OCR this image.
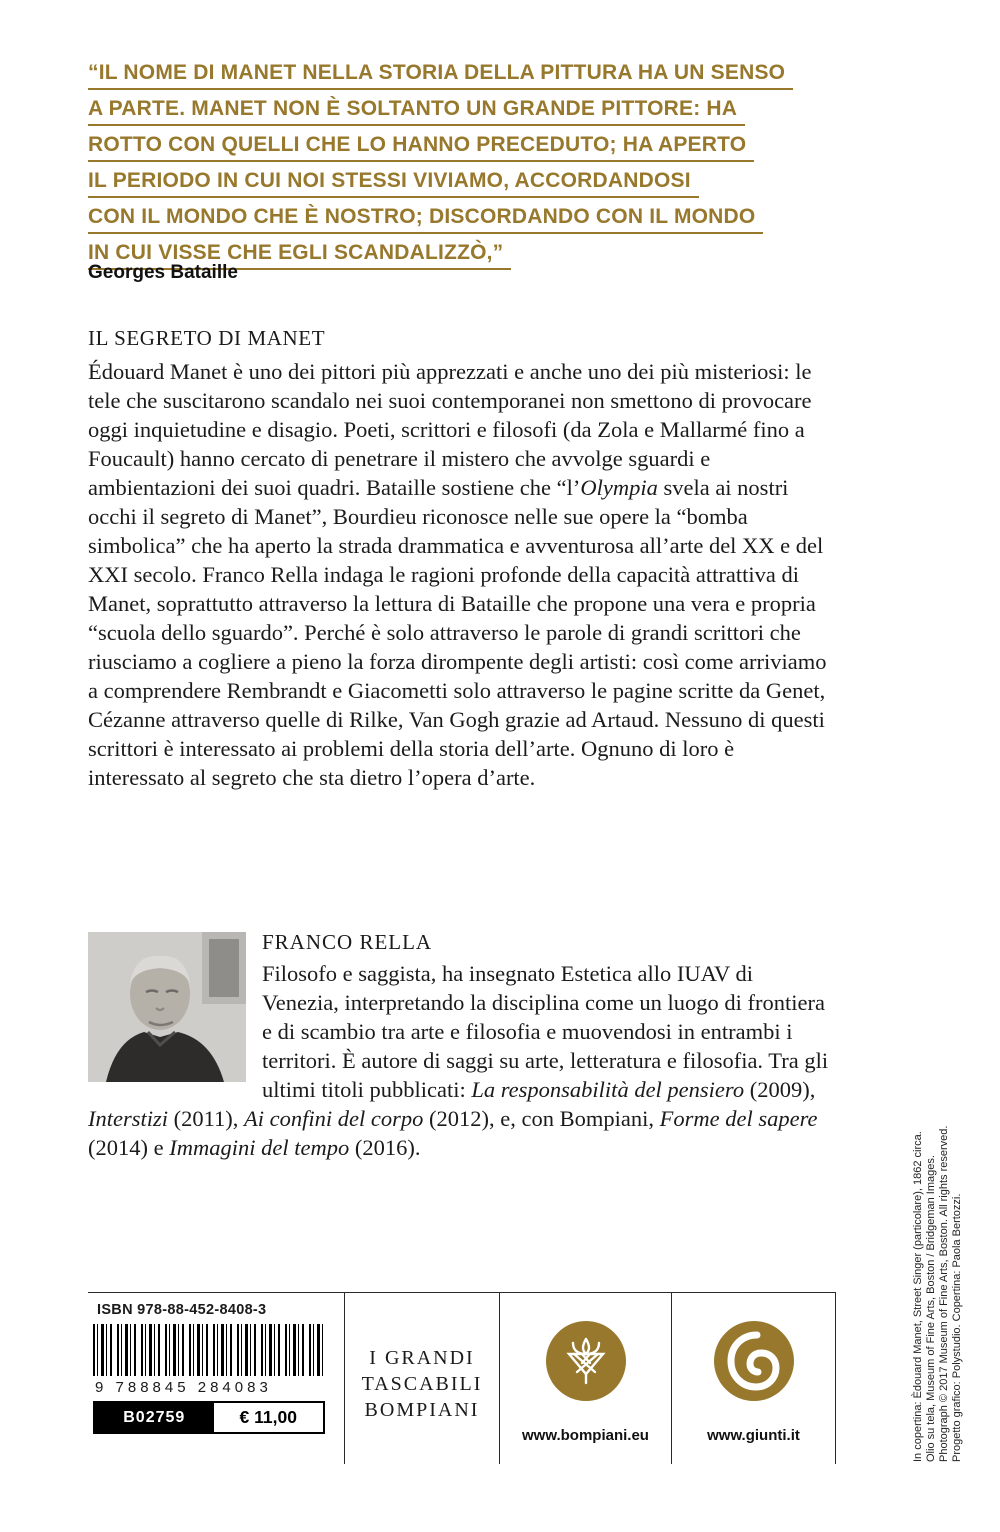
“IL NOME DI MANET NELLA STORIA DELLA PITTURA HA UN SENSO
A PARTE. MANET NON È SOLTANTO UN GRANDE PITTORE: HA
ROTTO CON QUELLI CHE LO HANNO PRECEDUTO; HA APERTO
IL PERIODO IN CUI NOI STESSI VIVIAMO, ACCORDANDOSI
CON IL MONDO CHE È NOSTRO; DISCORDANDO CON IL MONDO
IN CUI VISSE CHE EGLI SCANDALIZZÒ,”
Georges Bataille
IL SEGRETO DI MANET

Édouard Manet è uno dei pittori più apprezzati e anche uno dei più misteriosi: le tele che suscitarono scandalo nei suoi contemporanei non smettono di provocare oggi inquietudine e disagio. Poeti, scrittori e filosofi (da Zola e Mallarmé fino a Foucault) hanno cercato di penetrare il mistero che avvolge sguardi e ambientazioni dei suoi quadri. Bataille sostiene che “l’Olympia svela ai nostri occhi il segreto di Manet”, Bourdieu riconosce nelle sue opere la “bomba simbolica” che ha aperto la strada drammatica e avventurosa all’arte del XX e del XXI secolo. Franco Rella indaga le ragioni profonde della capacità attrattiva di Manet, soprattutto attraverso la lettura di Bataille che propone una vera e propria “scuola dello sguardo”. Perché è solo attraverso le parole di grandi scrittori che riusciamo a cogliere a pieno la forza dirompente degli artisti: così come arriviamo a comprendere Rembrandt e Giacometti solo attraverso le pagine scritte da Genet, Cézanne attraverso quelle di Rilke, Van Gogh grazie ad Artaud. Nessuno di questi scrittori è interessato ai problemi della storia dell’arte. Ognuno di loro è interessato al segreto che sta dietro l’opera d’arte.

FRANCO RELLA

Filosofo e saggista, ha insegnato Estetica allo IUAV di Venezia, interpretando la disciplina come un luogo di frontiera e di scambio tra arte e filosofia e muovendosi in entrambi i territori. È autore di saggi su arte, letteratura e filosofia. Tra gli ultimi titoli pubblicati: La responsabilità del pensiero (2009), Interstizi (2011), Ai confini del corpo (2012), e, con Bompiani, Forme del sapere (2014) e Immagini del tempo (2016).

ISBN 978-88-452-8408-3
9 788845 284083
B02759	€ 11,00
I GRANDI
TASCABILI
BOMPIANI
www.bompiani.eu	www.giunti.it	In copertina: Èdouard Manet, Street Singer (particolare), 1862 circa. Olio su tela, Museum of Fine Arts, Boston / Bridgeman Images. Photograph © 2017 Museum of Fine Arts, Boston. All rights reserved. Progetto grafico: Polystudio. Copertina: Paola Bertozzi.
